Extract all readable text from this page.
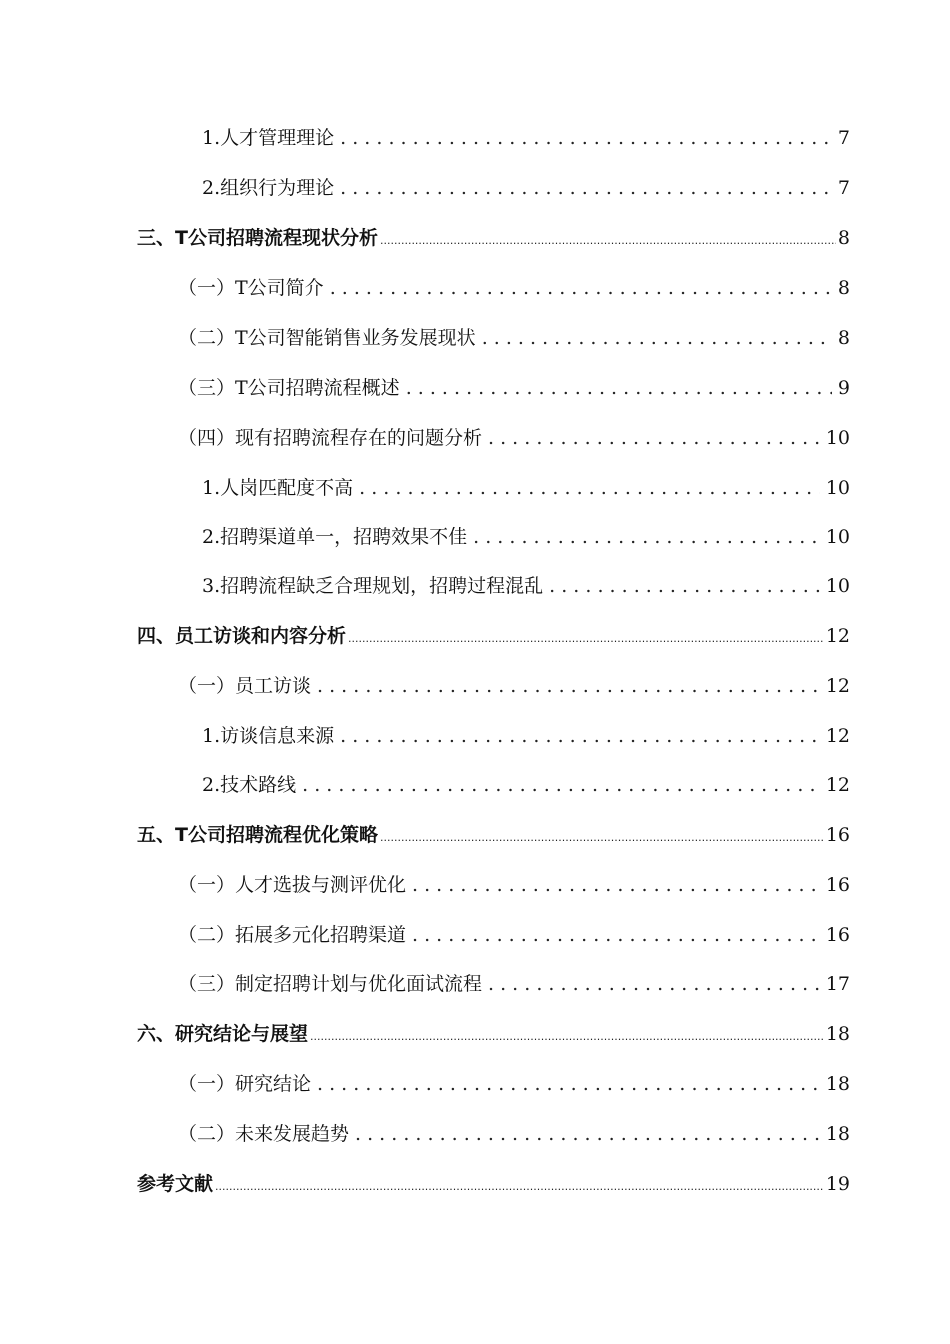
1.人才管理理论 . . .	7
2.组织行为理论 . . .	7
三、T公司招聘流程现状分析 .....	8
（一）T公司简介 . . .	8
（二）T公司智能销售业务发展现状 . . .	8
（三）T公司招聘流程概述 . . .	9
（四）现有招聘流程存在的问题分析 . . .	10
1.人岗匹配度不高 . . .	10
2.招聘渠道单一，招聘效果不佳 . . .	10
3.招聘流程缺乏合理规划，招聘过程混乱 . . .	10
四、员工访谈和内容分析 .....	12
（一）员工访谈 . . .	12
1.访谈信息来源 . . .	12
2.技术路线 . . .	12
五、T公司招聘流程优化策略 .....	16
（一）人才选拔与测评优化 . . .	16
（二）拓展多元化招聘渠道 . . .	16
（三）制定招聘计划与优化面试流程 . . .	17
六、研究结论与展望 .....	18
（一）研究结论 . . .	18
（二）未来发展趋势 . . .	18
参考文献 .....	19
